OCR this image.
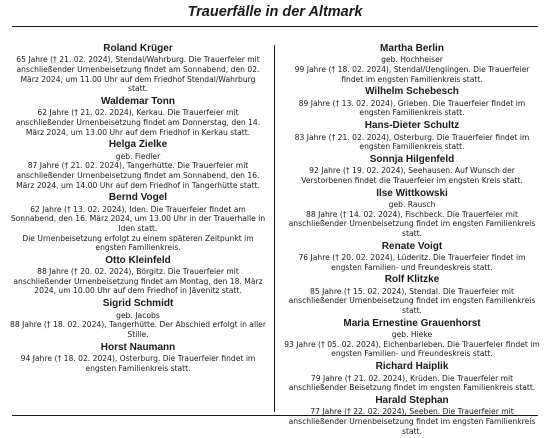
Trauerfälle in der Altmark
Roland Krüger
65 Jahre († 21. 02. 2024), Stendal/Wahrburg. Die Trauerfeier mit anschließender Urnenbeisetzung findet am Sonnabend, den 02. März 2024, um 11.00 Uhr auf dem Friedhof Stendal/Wahrburg statt.
Waldemar Tonn
62 Jahre († 21. 02. 2024), Kerkau. Die Trauerfeier mit anschließender Urnenbeisetzung findet am Donnerstag, den 14. März 2024, um 13.00 Uhr auf dem Friedhof in Kerkau statt.
Helga Zielke
geb. Fiedler
87 Jahre († 21. 02. 2024), Tangerhütte. Die Trauerfeier mit anschließender Urnenbeisetzung findet am Sonnabend, den 16. März 2024, um 14.00 Uhr auf dem Friedhof in Tangerhütte statt.
Bernd Vogel
62 Jahre († 13. 02. 2024), Iden. Die Trauerfeier findet am Sonnabend, den 16. März 2024, um 13.00 Uhr in der Trauerhalle in Iden statt.
Die Urnenbeisetzung erfolgt zu einem späteren Zeitpunkt im engsten Familienkreis.
Otto Kleinfeld
88 Jahre († 20. 02. 2024), Börgitz. Die Trauerfeier mit anschließender Urnenbeisetzung findet am Montag, den 18. März 2024, um 10.00 Uhr auf dem Friedhof in Jävenitz statt.
Sigrid Schmidt
geb. Jacobs
88 Jahre († 18. 02. 2024), Tangerhütte. Der Abschied erfolgt in aller Stille.
Horst Naumann
94 Jahre († 18. 02. 2024), Osterburg. Die Trauerfeier findet im engsten Familienkreis statt.
Martha Berlin
geb. Hochheiser
99 Jahre († 18. 02. 2024), Stendal/Uenglingen. Die Trauerfeier findet im engsten Familienkreis statt.
Wilhelm Schebesch
89 Jahre († 13. 02. 2024), Grieben. Die Trauerfeier findet im engsten Familienkreis statt.
Hans-Dieter Schultz
83 Jahre († 21. 02. 2024), Osterburg. Die Trauerfeier findet im engsten Familienkreis statt.
Sonnja Hilgenfeld
92 Jahre († 19. 02. 2024), Seehausen. Auf Wunsch der Verstorbenen findet die Trauerfeier im engsten Kreis statt.
Ilse Wittkowski
geb. Rausch
88 Jahre († 14. 02. 2024), Fischbeck. Die Trauerfeier mit anschließender Urnenbeisetzung findet im engsten Familienkreis statt.
Renate Voigt
76 Jahre († 20. 02. 2024), Lüderitz. Die Trauerfeier findet im engsten Familien- und Freundeskreis statt.
Rolf Klitzke
85 Jahre († 15. 02. 2024), Stendal. Die Trauerfeier mit anschließender Urnenbeisetzung findet im engsten Familienkreis statt.
Maria Ernestine Grauenhorst
geb. Hieke
93 Jahre († 05. 02. 2024), Eichenbarleben. Die Trauerfeier findet im engsten Familien- und Freundeskreis statt.
Richard Haiplik
79 Jahre († 21. 02. 2024), Krüden. Die Trauerfeier mit anschließender Beisetzung findet im engsten Familienkreis statt.
Harald Stephan
77 Jahre († 22. 02. 2024), Seeben. Die Trauerfeier mit anschließender Urnenbeisetzung findet im engsten Familienkreis statt.
